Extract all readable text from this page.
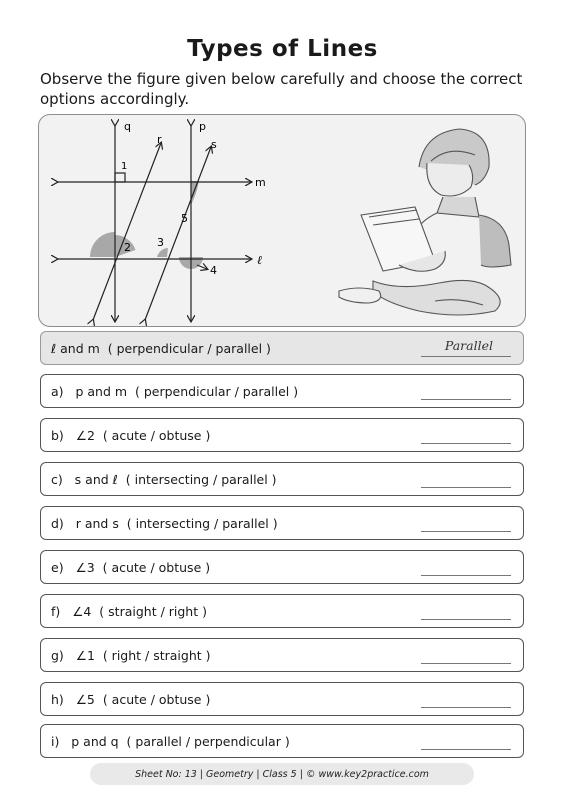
Types of Lines
Observe the figure given below carefully and choose the correct options accordingly.
q	p
r	s
m
ℓ
1
2 3
4
5
ℓ and m  ( perpendicular / parallel )	Parallel
a)   p and m  ( perpendicular / parallel )
b)   ∠2  ( acute / obtuse )
c)   s and ℓ  ( intersecting / parallel )
d)   r and s  ( intersecting / parallel )
e)   ∠3  ( acute / obtuse )
f)   ∠4  ( straight / right )
g)   ∠1  ( right / straight )
h)   ∠5  ( acute / obtuse )
i)   p and q  ( parallel / perpendicular )
Sheet No: 13 | Geometry | Class 5 | © www.key2practice.com
